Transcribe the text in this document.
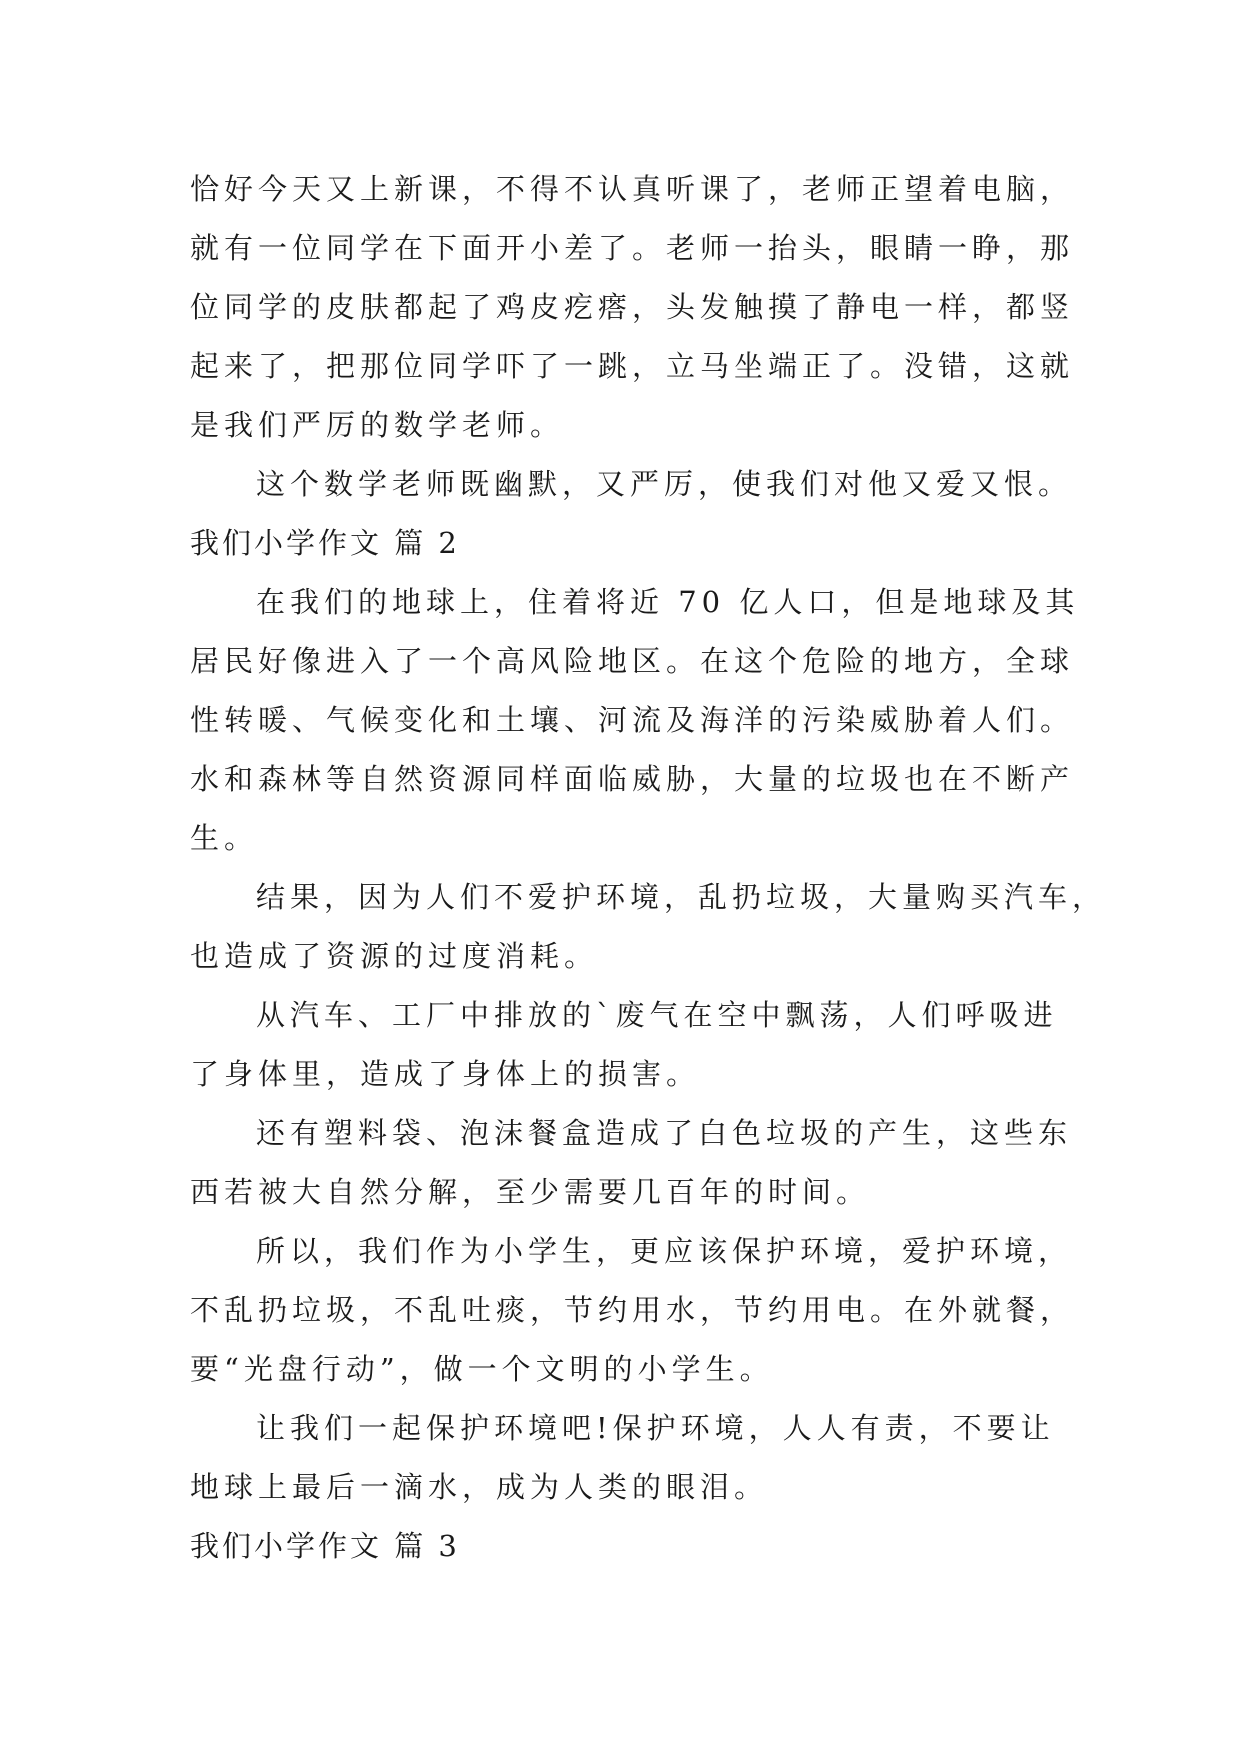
恰好今天又上新课，不得不认真听课了，老师正望着电脑，
就有一位同学在下面开小差了。老师一抬头，眼睛一睁，那
位同学的皮肤都起了鸡皮疙瘩，头发触摸了静电一样，都竖
起来了，把那位同学吓了一跳，立马坐端正了。没错，这就
是我们严厉的数学老师。
这个数学老师既幽默，又严厉，使我们对他又爱又恨。
我们小学作文 篇 2
在我们的地球上，住着将近 70 亿人口，但是地球及其
居民好像进入了一个高风险地区。在这个危险的地方，全球
性转暖、气候变化和土壤、河流及海洋的污染威胁着人们。
水和森林等自然资源同样面临威胁，大量的垃圾也在不断产
生。
结果，因为人们不爱护环境，乱扔垃圾，大量购买汽车，
也造成了资源的过度消耗。
从汽车、工厂中排放的`废气在空中飘荡，人们呼吸进
了身体里，造成了身体上的损害。
还有塑料袋、泡沫餐盒造成了白色垃圾的产生，这些东
西若被大自然分解，至少需要几百年的时间。
所以，我们作为小学生，更应该保护环境，爱护环境，
不乱扔垃圾，不乱吐痰，节约用水，节约用电。在外就餐，
要“光盘行动”，做一个文明的小学生。
让我们一起保护环境吧!保护环境，人人有责，不要让
地球上最后一滴水，成为人类的眼泪。
我们小学作文 篇 3
